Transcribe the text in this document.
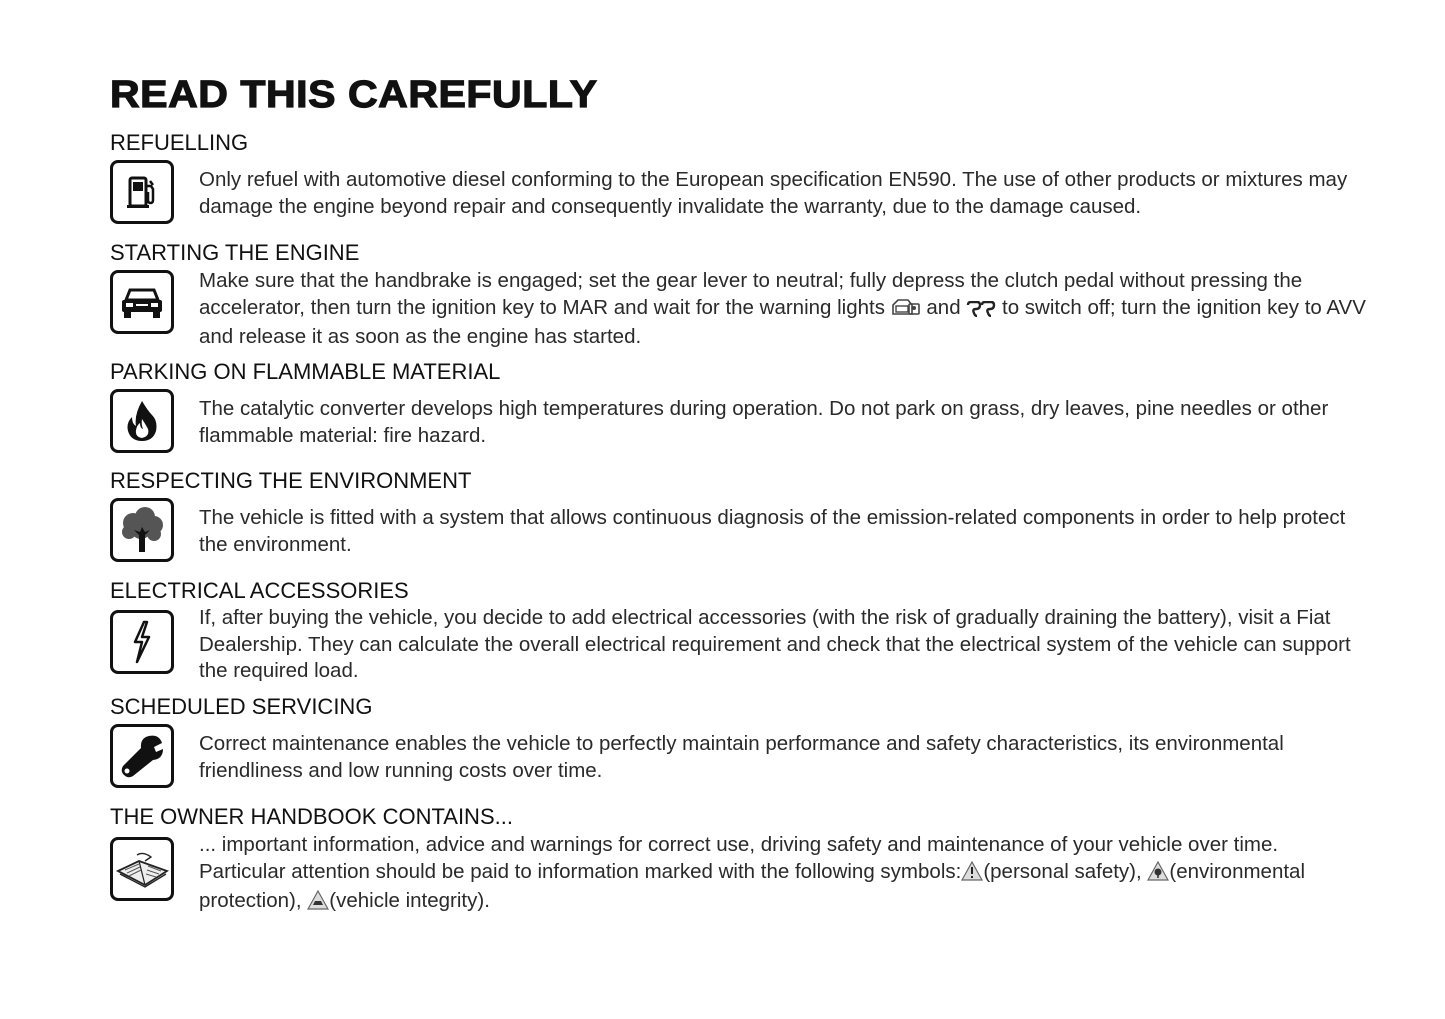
READ THIS CAREFULLY
REFUELLING
Only refuel with automotive diesel conforming to the European specification EN590. The use of other products or mixtures may damage the engine beyond repair and consequently invalidate the warranty, due to the damage caused.
STARTING THE ENGINE
Make sure that the handbrake is engaged; set the gear lever to neutral; fully depress the clutch pedal without pressing the accelerator, then turn the ignition key to MAR and wait for the warning lights and to switch off; turn the ignition key to AVV and release it as soon as the engine has started.
PARKING ON FLAMMABLE MATERIAL
The catalytic converter develops high temperatures during operation. Do not park on grass, dry leaves, pine needles or other flammable material: fire hazard.
RESPECTING THE ENVIRONMENT
The vehicle is fitted with a system that allows continuous diagnosis of the emission-related components in order to help protect the environment.
ELECTRICAL ACCESSORIES
If, after buying the vehicle, you decide to add electrical accessories (with the risk of gradually draining the battery), visit a Fiat Dealership. They can calculate the overall electrical requirement and check that the electrical system of the vehicle can support the required load.
SCHEDULED SERVICING
Correct maintenance enables the vehicle to perfectly maintain performance and safety characteristics, its environmental friendliness and low running costs over time.
THE OWNER HANDBOOK CONTAINS...
... important information, advice and warnings for correct use, driving safety and maintenance of your vehicle over time. Particular attention should be paid to information marked with the following symbols: (personal safety), (environmental protection), (vehicle integrity).
